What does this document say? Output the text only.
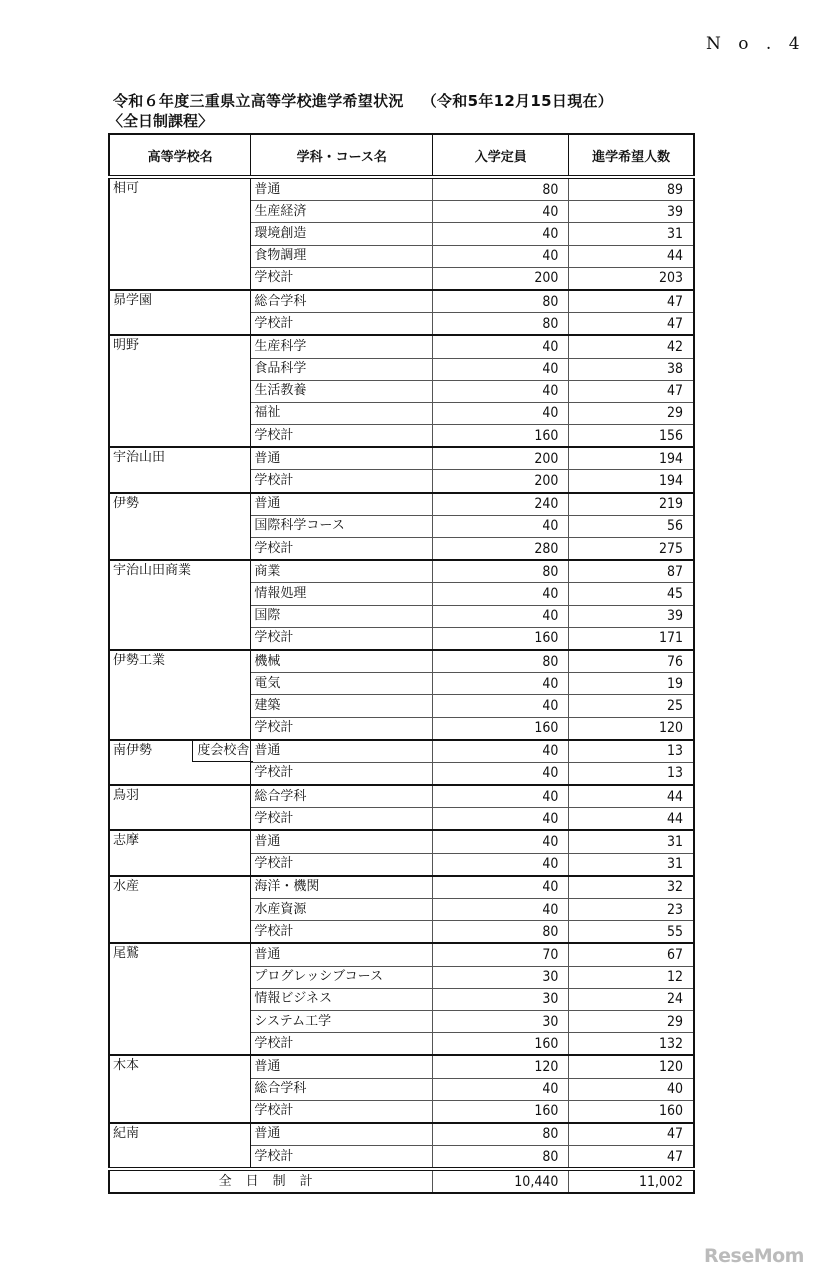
N o . 4
令和６年度三重県立高等学校進学希望状況 （令和5年12月15日現在）
〈全日制課程〉
高等学校名	学科・コース名	入学定員	進学希望人数

相可	普通	80	89
	生産経済	40	39
	環境創造	40	31
	食物調理	40	44
	学校計	200	203

昴学園	総合学科	80	47
	学校計	80	47

明野	生産科学	40	42
	食品科学	40	38
	生活教養	40	47
	福祉	40	29
	学校計	160	156

宇治山田	普通	200	194
	学校計	200	194

伊勢	普通	240	219
	国際科学コース	40	56
	学校計	280	275

宇治山田商業	商業	80	87
	情報処理	40	45
	国際	40	39
	学校計	160	171

伊勢工業	機械	80	76
	電気	40	19
	建築	40	25
	学校計	160	120

南伊勢 度会校舎	普通	40	13
	学校計	40	13

鳥羽	総合学科	40	44
	学校計	40	44

志摩	普通	40	31
	学校計	40	31

水産	海洋・機関	40	32
	水産資源	40	23
	学校計	80	55

尾鷲	普通	70	67
	プログレッシブコース	30	12
	情報ビジネス	30	24
	システム工学	30	29
	学校計	160	132

木本	普通	120	120
	総合学科	40	40
	学校計	160	160

紀南	普通	80	47
	学校計	80	47
全日制計		10,440	11,002
ReseMom
